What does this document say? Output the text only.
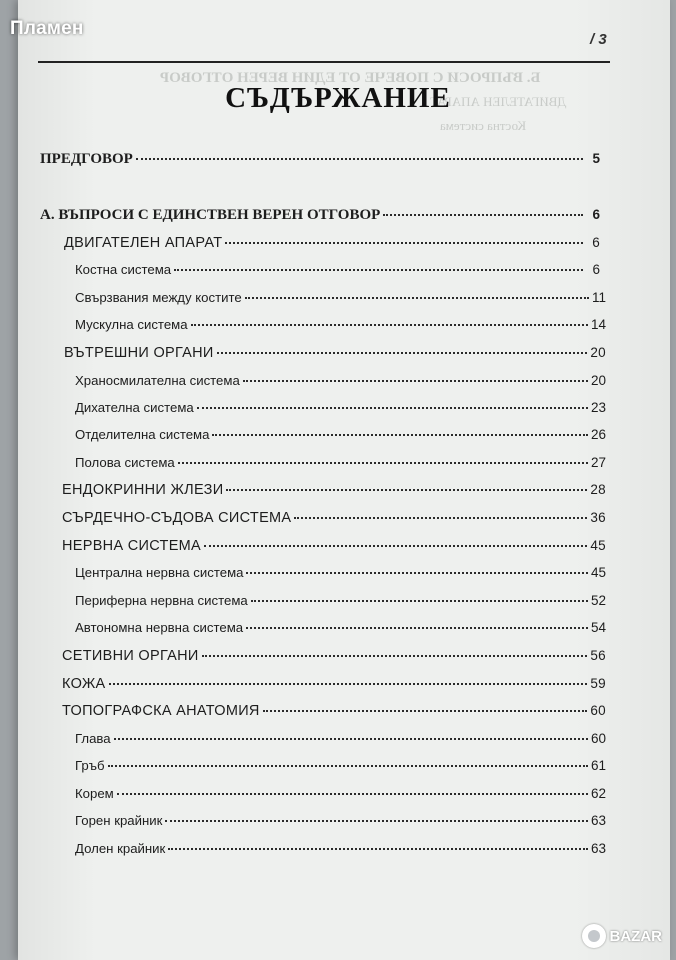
Пламен
Б. ВЪПРОСИ С ПОВЕЧЕ ОТ ЕДИН ВЕРЕН ОТГОВОР
ДВИГАТЕЛЕН АПАРАТ
Костна система
/ 3
СЪДЪРЖАНИЕ
ПРЕДГОВОР	5
А. ВЪПРОСИ С ЕДИНСТВЕН ВЕРЕН ОТГОВОР	6
ДВИГАТЕЛЕН АПАРАТ	6
Костна система	6
Свързвания между костите	11
Мускулна система	14
ВЪТРЕШНИ ОРГАНИ	20
Храносмилателна система	20
Дихателна система	23
Отделителна система	26
Полова система	27
ЕНДОКРИННИ ЖЛЕЗИ	28
СЪРДЕЧНО-СЪДОВА СИСТЕМА	36
НЕРВНА СИСТЕМА	45
Централна нервна система	45
Периферна нервна система	52
Автономна нервна система	54
СЕТИВНИ ОРГАНИ	56
КОЖА	59
ТОПОГРАФСКА АНАТОМИЯ	60
Глава	60
Гръб	61
Корем	62
Горен крайник	63
Долен крайник	63
BAZAR
